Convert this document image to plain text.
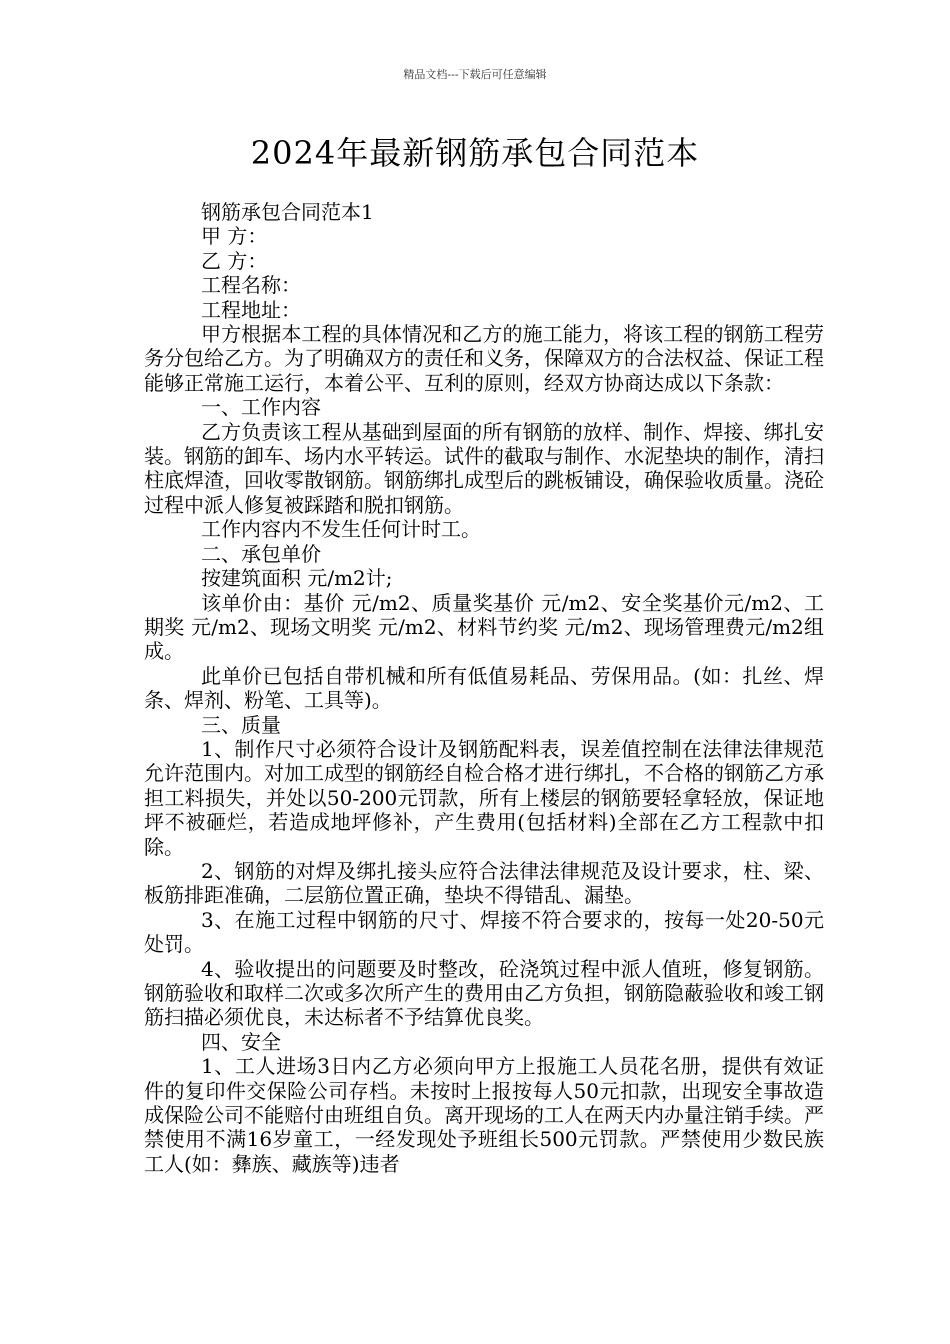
精品文档---下载后可任意编辑
2024年最新钢筋承包合同范本

钢筋承包合同范本1

甲 方：

乙 方：

工程名称：

工程地址：

甲方根据本工程的具体情况和乙方的施工能力，将该工程的钢筋工程劳务分包给乙方。为了明确双方的责任和义务，保障双方的合法权益、保证工程能够正常施工运行，本着公平、互利的原则，经双方协商达成以下条款：

一、工作内容

乙方负责该工程从基础到屋面的所有钢筋的放样、制作、焊接、绑扎安装。钢筋的卸车、场内水平转运。试件的截取与制作、水泥垫块的制作，清扫柱底焊渣，回收零散钢筋。钢筋绑扎成型后的跳板铺设，确保验收质量。浇砼过程中派人修复被踩踏和脱扣钢筋。

工作内容内不发生任何计时工。

二、承包单价

按建筑面积 元/m2计;

该单价由：基价 元/m2、质量奖基价 元/m2、安全奖基价元/m2、工期奖 元/m2、现场文明奖 元/m2、材料节约奖 元/m2、现场管理费元/m2组成。

此单价已包括自带机械和所有低值易耗品、劳保用品。(如：扎丝、焊条、焊剂、粉笔、工具等)。

三、质量

1、制作尺寸必须符合设计及钢筋配料表，误差值控制在法律法律规范允许范围内。对加工成型的钢筋经自检合格才进行绑扎，不合格的钢筋乙方承担工料损失，并处以50-200元罚款，所有上楼层的钢筋要轻拿轻放，保证地坪不被砸烂，若造成地坪修补，产生费用(包括材料)全部在乙方工程款中扣除。

2、钢筋的对焊及绑扎接头应符合法律法律规范及设计要求，柱、梁、板筋排距准确，二层筋位置正确，垫块不得错乱、漏垫。

3、在施工过程中钢筋的尺寸、焊接不符合要求的，按每一处20-50元处罚。

4、验收提出的问题要及时整改，砼浇筑过程中派人值班，修复钢筋。钢筋验收和取样二次或多次所产生的费用由乙方负担，钢筋隐蔽验收和竣工钢筋扫描必须优良，未达标者不予结算优良奖。

四、安全

1、工人进场3日内乙方必须向甲方上报施工人员花名册，提供有效证件的复印件交保险公司存档。未按时上报按每人50元扣款，出现安全事故造成保险公司不能赔付由班组自负。离开现场的工人在两天内办量注销手续。严禁使用不满16岁童工，一经发现处予班组长500元罚款。严禁使用少数民族工人(如：彝族、藏族等)违者
